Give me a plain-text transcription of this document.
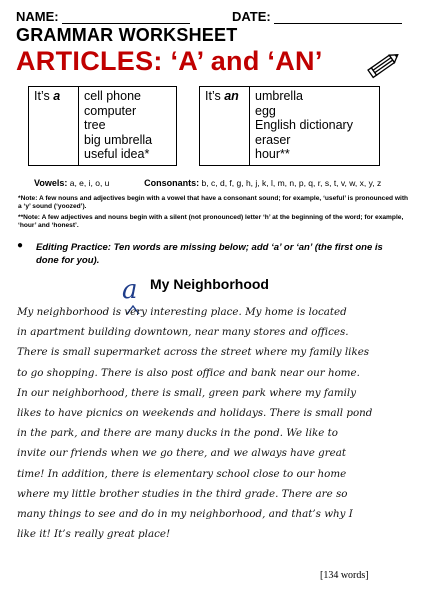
NAME:	DATE:
GRAMMAR WORKSHEET
ARTICLES: ‘A’ and ‘AN’
It’s a	cell phone
computer
tree
big umbrella
useful idea*
		It’s an	umbrella
egg
English dictionary
eraser
hour**
Vowels: a, e, i, o, u	Consonants: b, c, d, f, g, h, j, k, l, m, n, p, q, r, s, t, v, w, x, y, z
*Note: A few nouns and adjectives begin with a vowel that have a consonant sound; for example, ‘useful’ is pronounced with a ‘y’ sound (‘yoozed’).
**Note: A few adjectives and nouns begin with a silent (not pronounced) letter ‘h’ at the beginning of the word; for example, ‘hour’ and ‘honest’.
● Editing Practice: Ten words are missing below; add ‘a’ or ‘an’ (the first one is done for you).
My Neighborhood
a
My neighborhood is very interesting place. My home is located
in apartment building downtown, near many stores and offices.
There is small supermarket across the street where my family likes
to go shopping. There is also post office and bank near our home.
In our neighborhood, there is small, green park where my family
likes to have picnics on weekends and holidays. There is small pond
in the park, and there are many ducks in the pond. We like to
invite our friends when we go there, and we always have great
time! In addition, there is elementary school close to our home
where my little brother studies in the third grade. There are so
many things to see and do in my neighborhood, and that’s why I
like it! It’s really great place!
[134 words]
